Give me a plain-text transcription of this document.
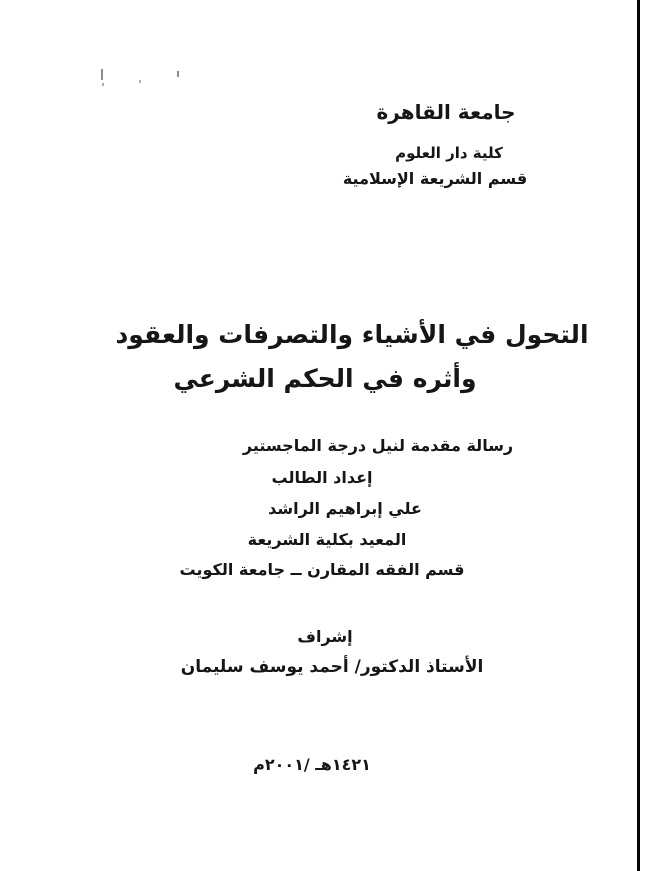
جامعة القاهرة
كلية دار العلوم
قسم الشريعة الإسلامية
التحول في الأشياء والتصرفات والعقود
وأثره في الحكم الشرعي
رسالة مقدمة لنيل درجة الماجستير
إعداد الطالب
علي إبراهيم الراشد
المعيد بكلية الشريعة
قسم الفقه المقارن ــ جامعة الكويت
إشراف
الأستاذ الدكتور/ أحمد يوسف سليمان
١٤٢١هـ /٢٠٠١م
